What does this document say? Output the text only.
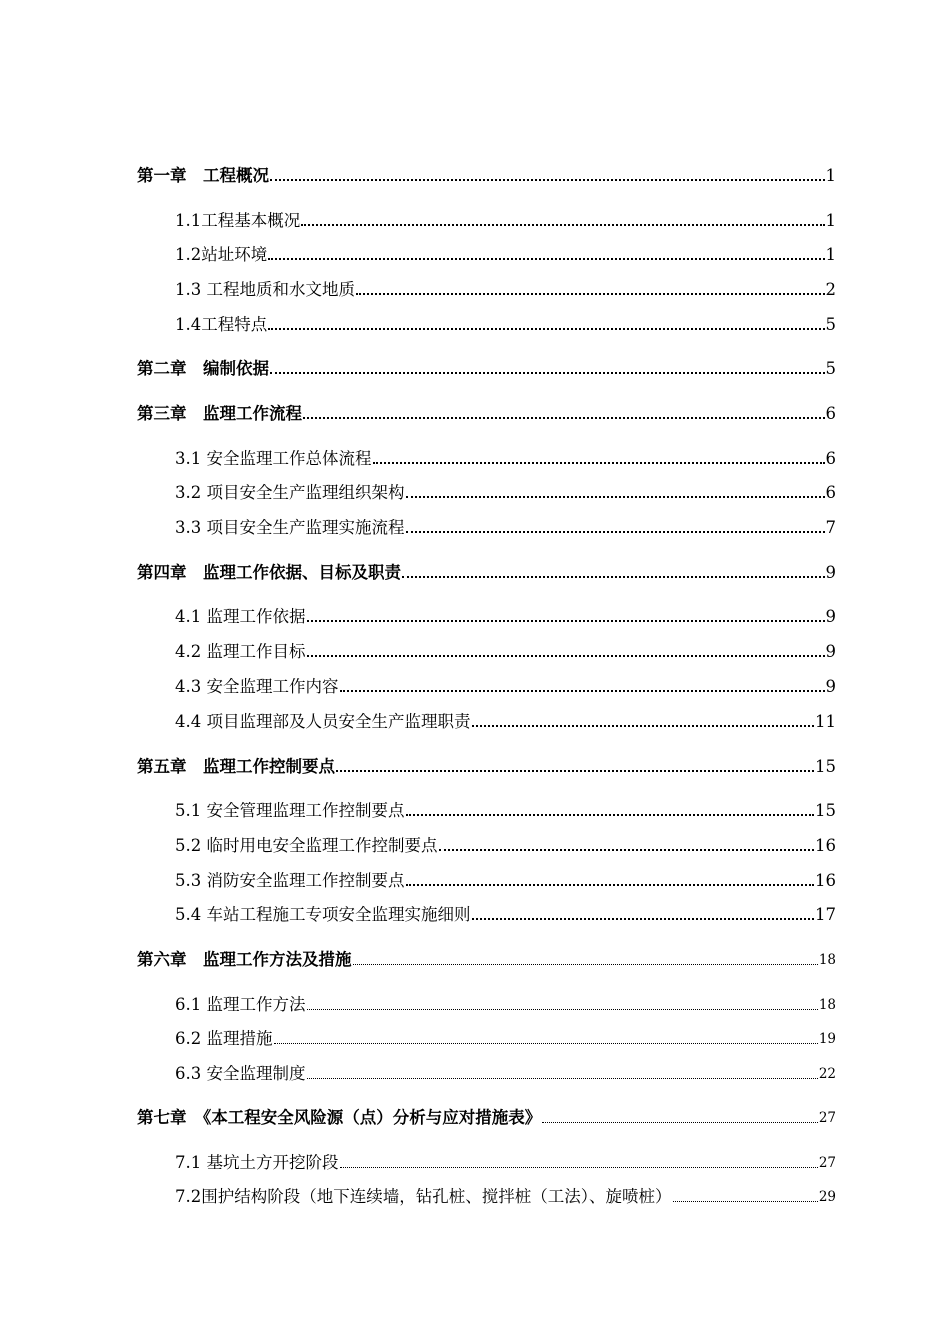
第一章　工程概况	1
1.1工程基本概况	1
1.2站址环境	1
1.3 工程地质和水文地质	2
1.4工程特点	5
第二章　编制依据	5
第三章　监理工作流程	6
3.1 安全监理工作总体流程	6
3.2 项目安全生产监理组织架构	6
3.3 项目安全生产监理实施流程	7
第四章　监理工作依据、目标及职责	9
4.1 监理工作依据	9
4.2 监理工作目标	9
4.3 安全监理工作内容	9
4.4 项目监理部及人员安全生产监理职责	11
第五章　监理工作控制要点	15
5.1 安全管理监理工作控制要点	15
5.2 临时用电安全监理工作控制要点	16
5.3 消防安全监理工作控制要点	16
5.4 车站工程施工专项安全监理实施细则	17
第六章　监理工作方法及措施	18
6.1 监理工作方法	18
6.2 监理措施	19
6.3 安全监理制度	22
第七章　《本工程安全风险源（点）分析与应对措施表》	27
7.1 基坑土方开挖阶段	27
7.2围护结构阶段（地下连续墙，钻孔桩、搅拌桩（工法）、旋喷桩）	29
